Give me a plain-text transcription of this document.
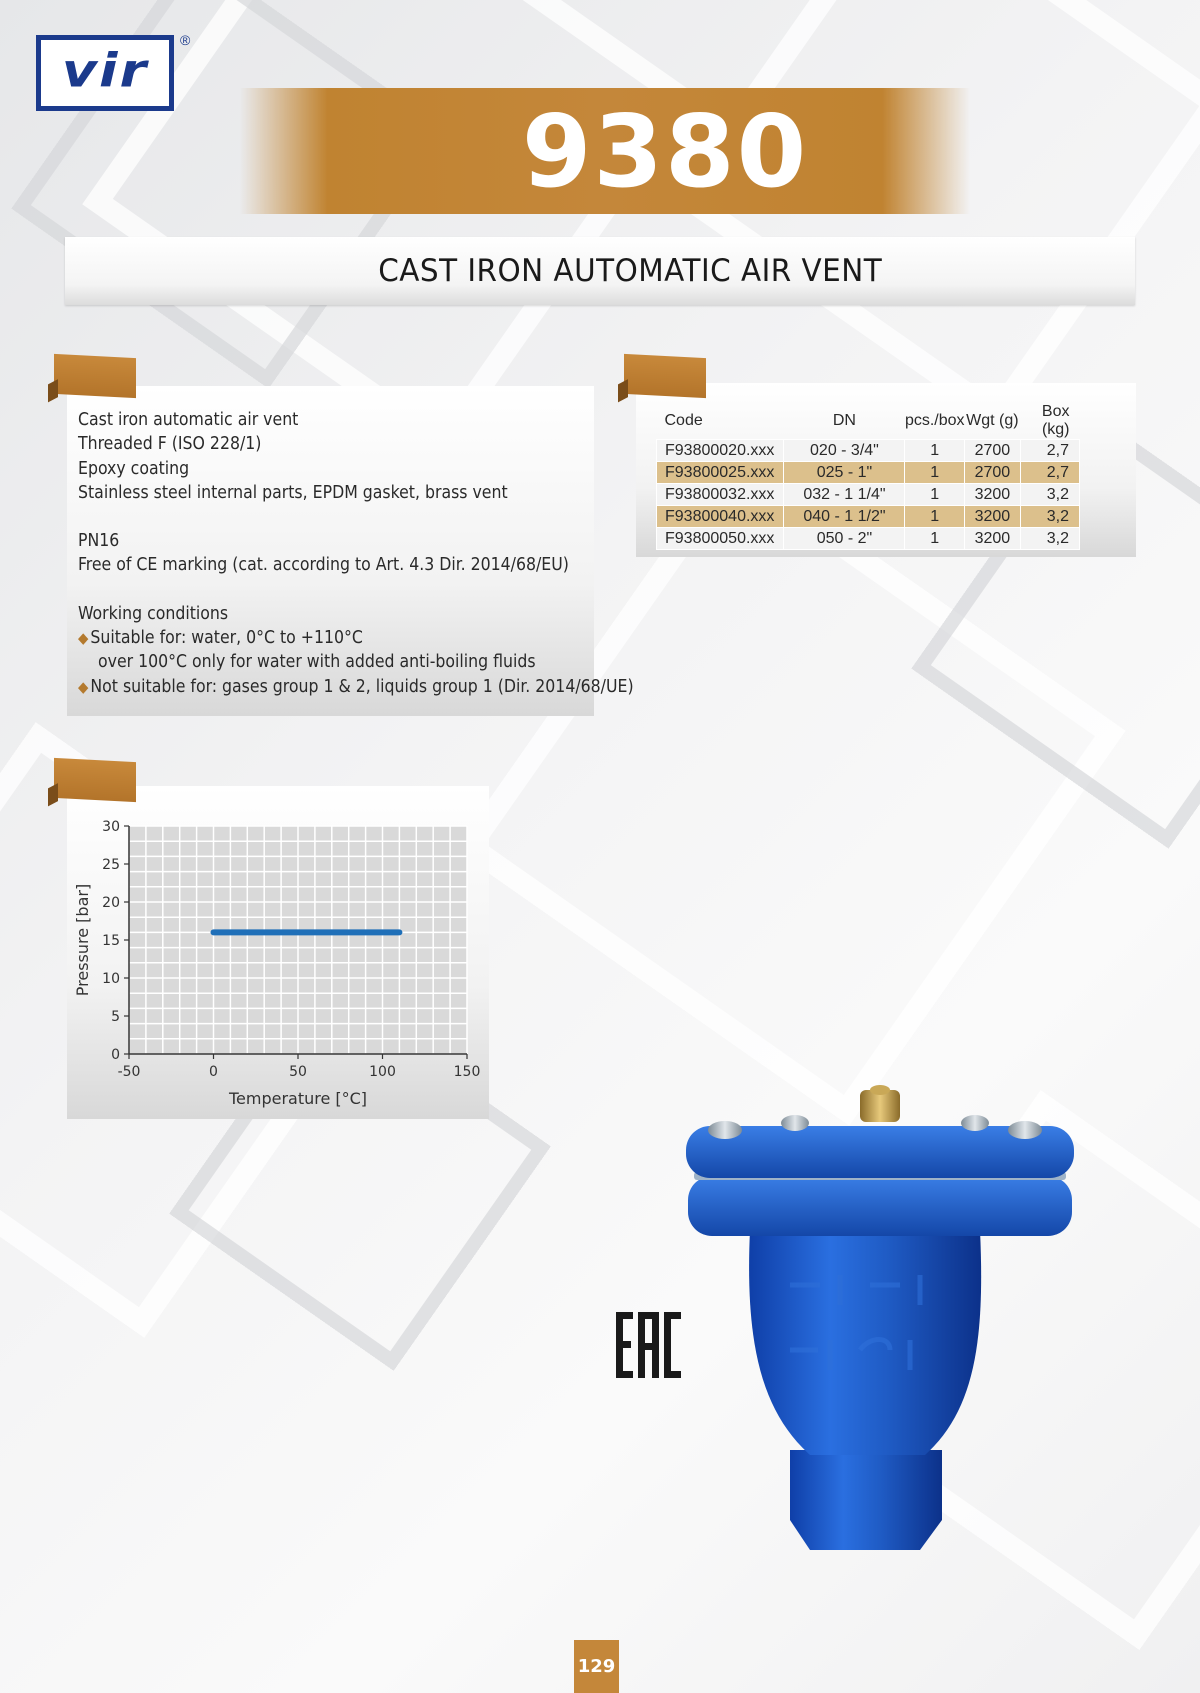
vir
®
9380
CAST IRON AUTOMATIC AIR VENT
Cast iron automatic air vent
Threaded F (ISO 228/1)
Epoxy coating
Stainless steel internal parts, EPDM gasket, brass vent
PN16
Free of CE marking (cat. according to Art. 4.3 Dir. 2014/68/EU)
Working conditions
◆ Suitable for: water, 0°C to +110°C
over 100°C only for water with added anti-boiling fluids
◆ Not suitable for: gases group 1 & 2, liquids group 1 (Dir. 2014/68/UE)
Code	DN	pcs./box	Wgt (g)	Box (kg)
F93800020.xxx	020 - 3/4"	1	2700	2,7
F93800025.xxx	025 - 1"	1	2700	2,7
F93800032.xxx	032 - 1 1/4"	1	3200	3,2
F93800040.xxx	040 - 1 1/2"	1	3200	3,2
F93800050.xxx	050 - 2"	1	3200	3,2
-50	0	50	100	150
0
5
10
15
20
25
30
Temperature [°C]
Pressure [bar]
129
